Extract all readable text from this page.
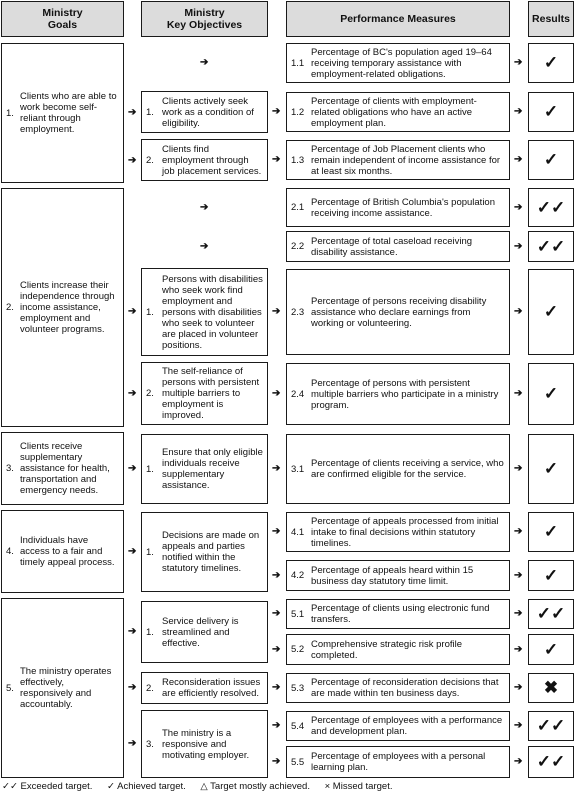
Ministry
Goals
Ministry
Key Objectives	Performance Measures	Results
1.
Clients who are able to work become self-reliant through employment.
2.
Clients increase their independence through income assistance, employment and volunteer programs.
3.
Clients receive supplementary assistance for health, transportation and emergency needs.
4.
Individuals have access to a fair and timely appeal process.
5.
The ministry operates effectively, responsively and accountably.
1.
Clients actively seek work as a condition of eligibility.
2.
Clients find employment through job placement services.
1.
Persons with disabilities who seek work find employment and persons with disabilities who seek to volunteer are placed in volunteer positions.
2.
The self-reliance of persons with persistent multiple barriers to employment is improved.
1.
Ensure that only eligible individuals receive supplementary assistance.
1.
Decisions are made on appeals and parties notified within the statutory timelines.
1.
Service delivery is streamlined and effective.
2. Reconsideration issues are efficiently resolved.
3.
The ministry is a responsive and motivating employer.
1.1
Percentage of BC's population aged 19–64 receiving temporary assistance with employment-related obligations.
1.2
Percentage of clients with employment-related obligations who have an active employment plan.
1.3
Percentage of Job Placement clients who remain independent of income assistance for at least six months.
2.1 Percentage of British Columbia's population receiving income assistance.
2.2 Percentage of total caseload receiving disability assistance.
2.3
Percentage of persons receiving disability assistance who declare earnings from working or volunteering.
2.4
Percentage of persons with persistent multiple barriers who participate in a ministry program.
3.1 Percentage of clients receiving a service, who are confirmed eligible for the service.
4.1
Percentage of appeals processed from initial intake to final decisions within statutory timelines.
4.2 Percentage of appeals heard within 15 business day statutory time limit.
5.1 Percentage of clients using electronic fund transfers.
5.2 Comprehensive strategic risk profile completed.
5.3 Percentage of reconsideration decisions that are made within ten business days.
5.4 Percentage of employees with a performance and development plan.
5.5 Percentage of employees with a personal learning plan.
✓
✓
✓
✓✓
✓✓
✓
✓
✓
✓
✓
✓✓
✓
✖
✓✓
✓✓
➔
➔
➔
➔
➔
➔
➔
➔
➔
➔
➔
➔
➔
➔
➔
➔
➔
➔
➔
➔
➔
➔
➔
➔
➔
➔
➔
➔
➔
➔
➔
➔
➔
➔
➔
➔
➔
➔
➔
✓✓ Exceeded target. ✓ Achieved target. △ Target mostly achieved. × Missed target.
